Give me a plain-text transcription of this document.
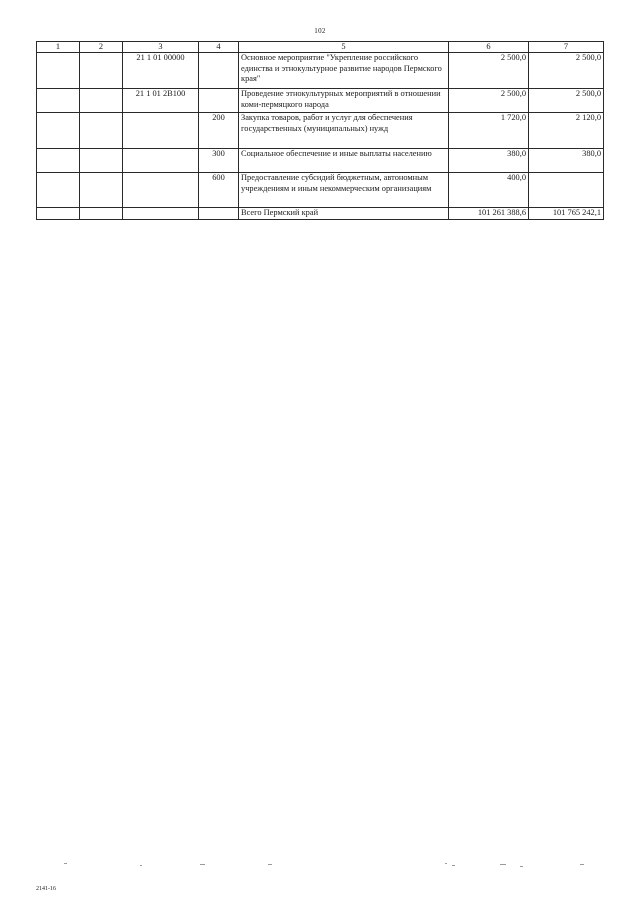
102
1	2	3	4	5	6	7
		21 1 01 00000		Основное мероприятие "Укрепление российского единства и этнокультурное развитие народов Пермского края"	2 500,0	2 500,0
		21 1 01 2В100		Проведение этнокультурных мероприятий в отношении коми-пермяцкого народа	2 500,0	2 500,0
			200	Закупка товаров, работ и услуг для обеспечения государственных (муниципальных) нужд	1 720,0	2 120,0
			300	Социальное обеспечение и иные выплаты населению	380,0	380,0
			600	Предоставление субсидий бюджетным, автономным учреждениям и иным некоммерческим организациям	400,0	
				Всего Пермский край	101 261 388,6	101 765 242,1
2141-16
